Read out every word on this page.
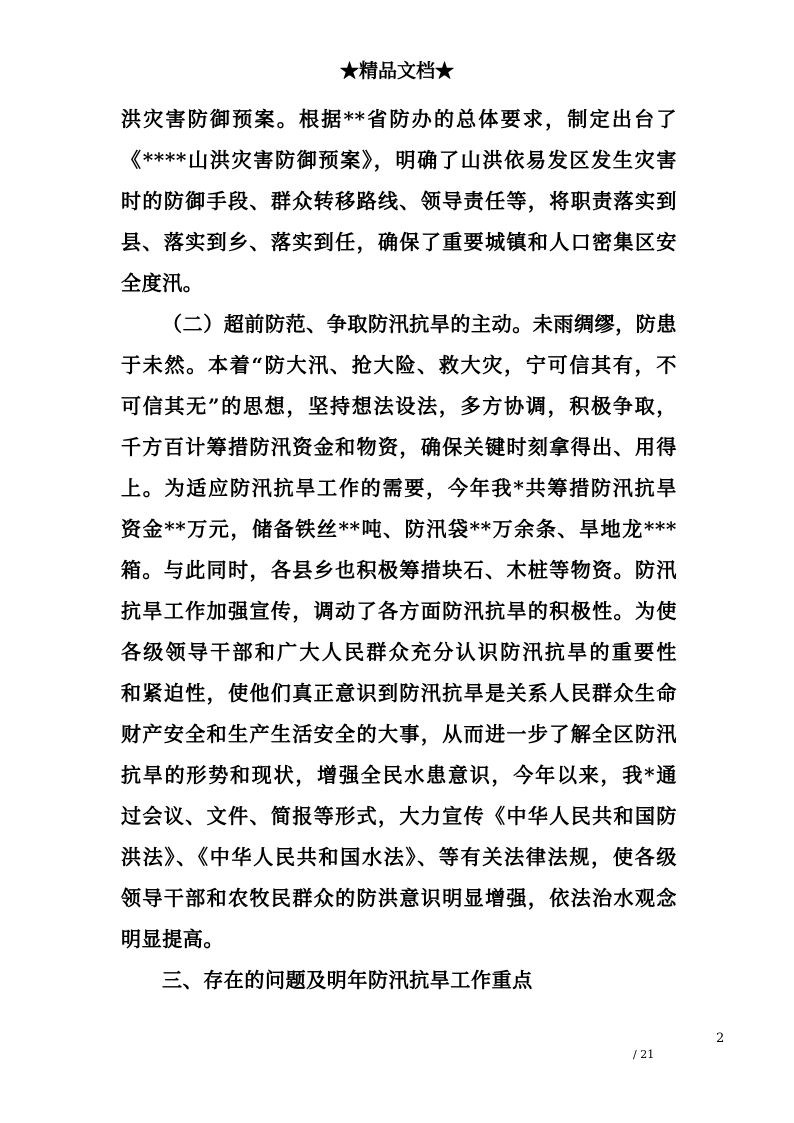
★精品文档★
洪灾害防御预案。根据**省防办的总体要求，制定出台了
《****山洪灾害防御预案》，明确了山洪依易发区发生灾害
时的防御手段、群众转移路线、领导责任等，将职责落实到
县、落实到乡、落实到任，确保了重要城镇和人口密集区安
全度汛。
（二）超前防范、争取防汛抗旱的主动。未雨绸缪，防患
于未然。本着“防大汛、抢大险、救大灾，宁可信其有，不
可信其无”的思想，坚持想法设法，多方协调，积极争取，
千方百计筹措防汛资金和物资，确保关键时刻拿得出、用得
上。为适应防汛抗旱工作的需要，今年我*共筹措防汛抗旱
资金**万元，储备铁丝**吨、防汛袋**万余条、旱地龙***
箱。与此同时，各县乡也积极筹措块石、木桩等物资。防汛
抗旱工作加强宣传，调动了各方面防汛抗旱的积极性。为使
各级领导干部和广大人民群众充分认识防汛抗旱的重要性
和紧迫性，使他们真正意识到防汛抗旱是关系人民群众生命
财产安全和生产生活安全的大事，从而进一步了解全区防汛
抗旱的形势和现状，增强全民水患意识，今年以来，我*通
过会议、文件、简报等形式，大力宣传《中华人民共和国防
洪法》、《中华人民共和国水法》、等有关法律法规，使各级
领导干部和农牧民群众的防洪意识明显增强，依法治水观念
明显提高。
三、存在的问题及明年防汛抗旱工作重点
2
/ 21
